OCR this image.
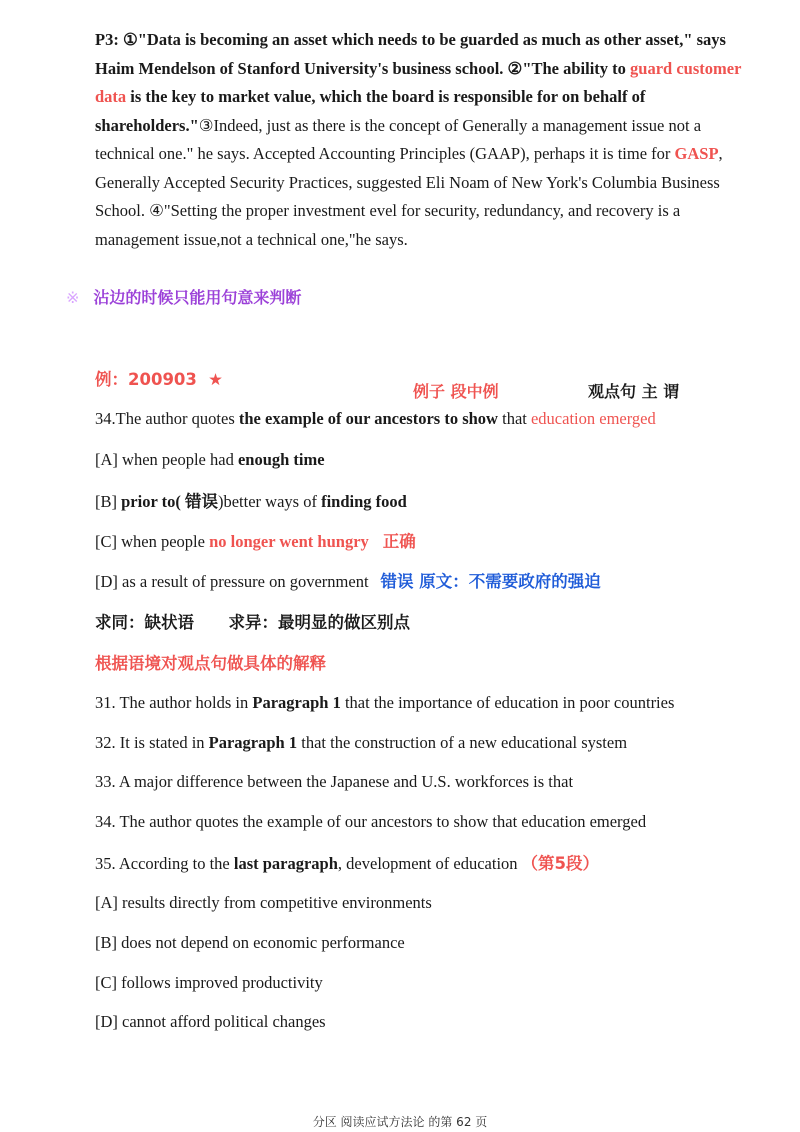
P3: ①"Data is becoming an asset which needs to be guarded as much as other asset," says Haim Mendelson of Stanford University's business school. ②"The ability to guard customer data is the key to market value, which the board is responsible for on behalf of shareholders."③Indeed, just as there is the concept of Generally a management issue not a technical one." he says. Accepted Accounting Principles (GAAP), perhaps it is time for GASP, Generally Accepted Security Practices, suggested Eli Noam of New York's Columbia Business School. ④"Setting the proper investment evel for security, redundancy, and recovery is a management issue,not a technical one,"he says.
※ 沾边的时候只能用句意来判断
例：200903 ★
例子 段中例	观点句 主 谓
34.The author quotes the example of our ancestors to show that education emerged
[A] when people had enough time
[B] prior to( 错误)better ways of finding food
[C] when people no longer went hungry 正确
[D] as a result of pressure on government 错误 原文：不需要政府的强迫
求同：缺状语      求异：最明显的做区别点
根据语境对观点句做具体的解释
31. The author holds in Paragraph 1 that the importance of education in poor countries
32. It is stated in Paragraph 1 that the construction of a new educational system
33. A major difference between the Japanese and U.S. workforces is that
34. The author quotes the example of our ancestors to show that education emerged
35. According to the last paragraph, development of education （第5段）
[A] results directly from competitive environments
[B] does not depend on economic performance
[C] follows improved productivity
[D] cannot afford political changes
分区 阅读应试方法论 的第 62 页
